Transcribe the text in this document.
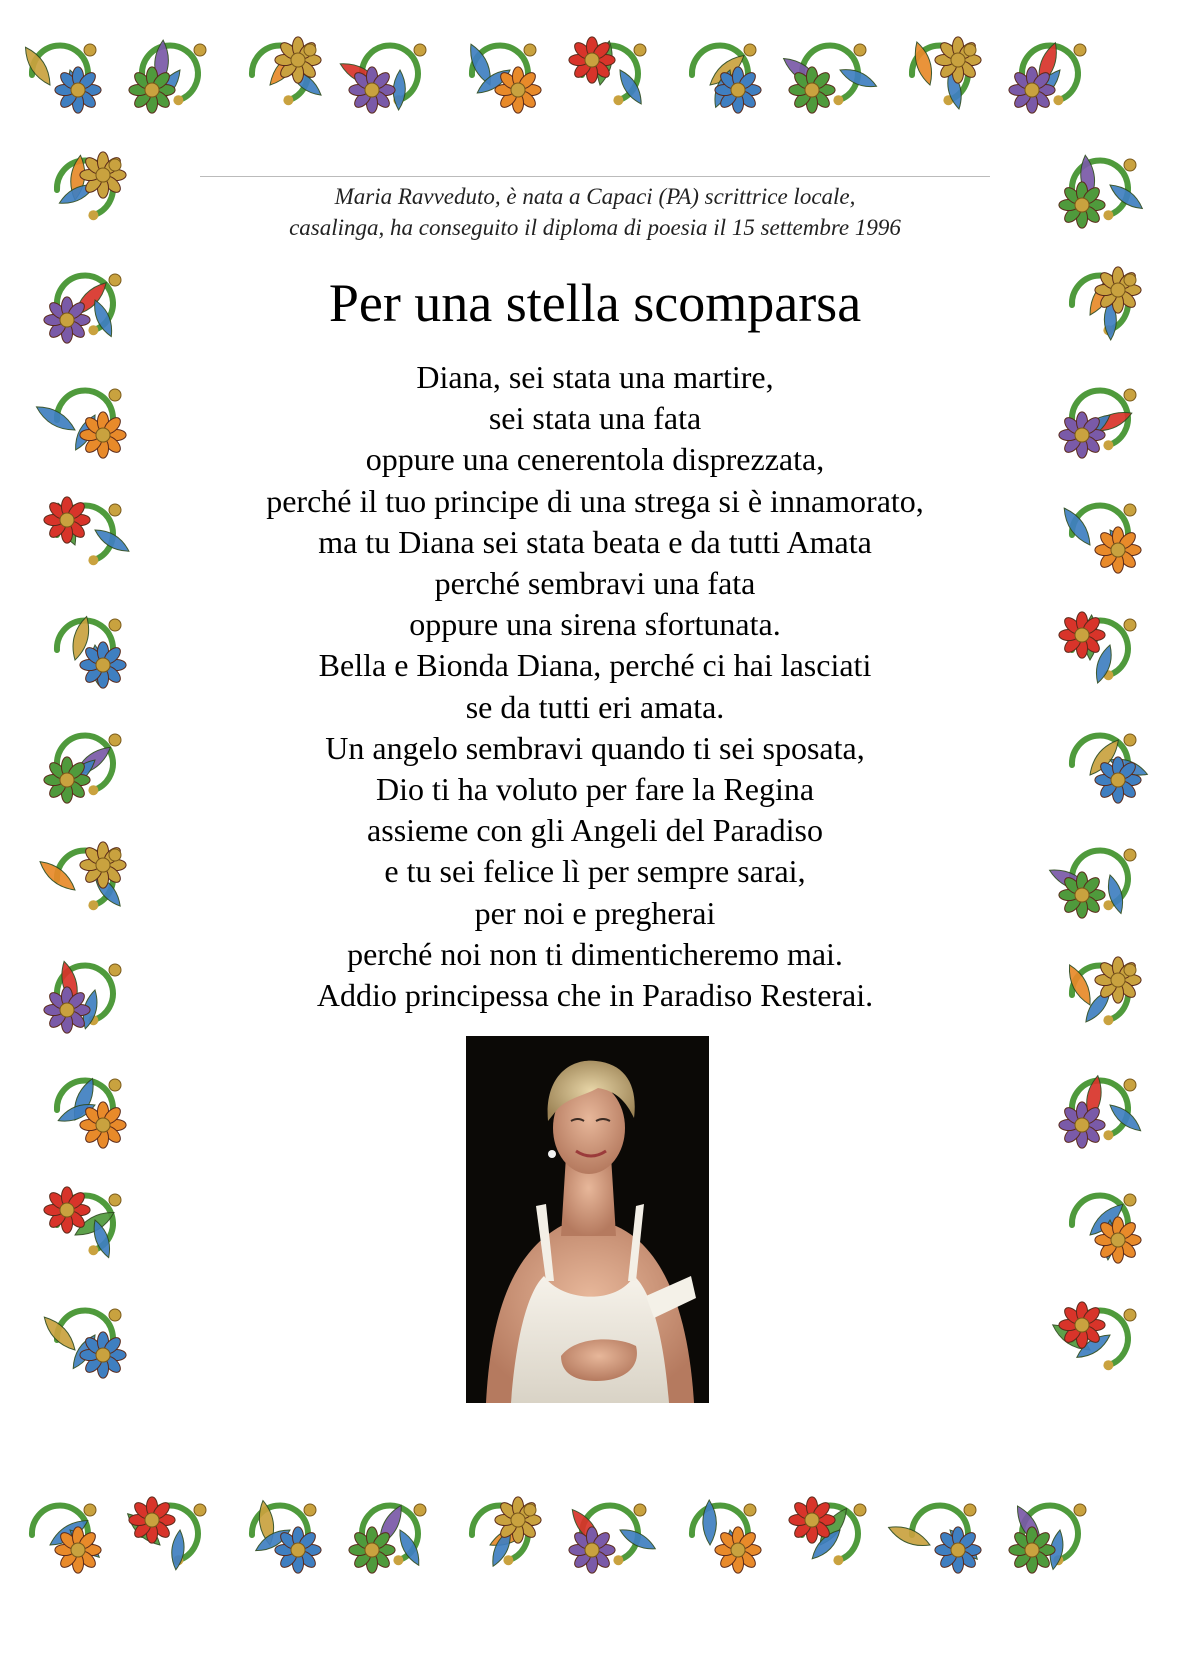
Maria Ravveduto, è nata a Capaci (PA) scrittrice locale,
casalinga, ha conseguito il diploma di poesia il 15 settembre 1996
Per una stella scomparsa
Diana, sei stata una martire,
sei stata una fata
oppure una cenerentola disprezzata,
perché il tuo principe di una strega si è innamorato,
ma tu Diana sei stata beata e da tutti Amata
perché sembravi una fata
oppure una sirena sfortunata.
Bella e Bionda Diana, perché ci hai lasciati
se da tutti eri amata.
Un angelo sembravi quando ti sei sposata,
Dio ti ha voluto per fare la Regina
assieme con gli Angeli del Paradiso
e tu sei felice lì per sempre sarai,
per noi e pregherai
perché noi non ti dimenticheremo mai.
Addio principessa che in Paradiso Resterai.
